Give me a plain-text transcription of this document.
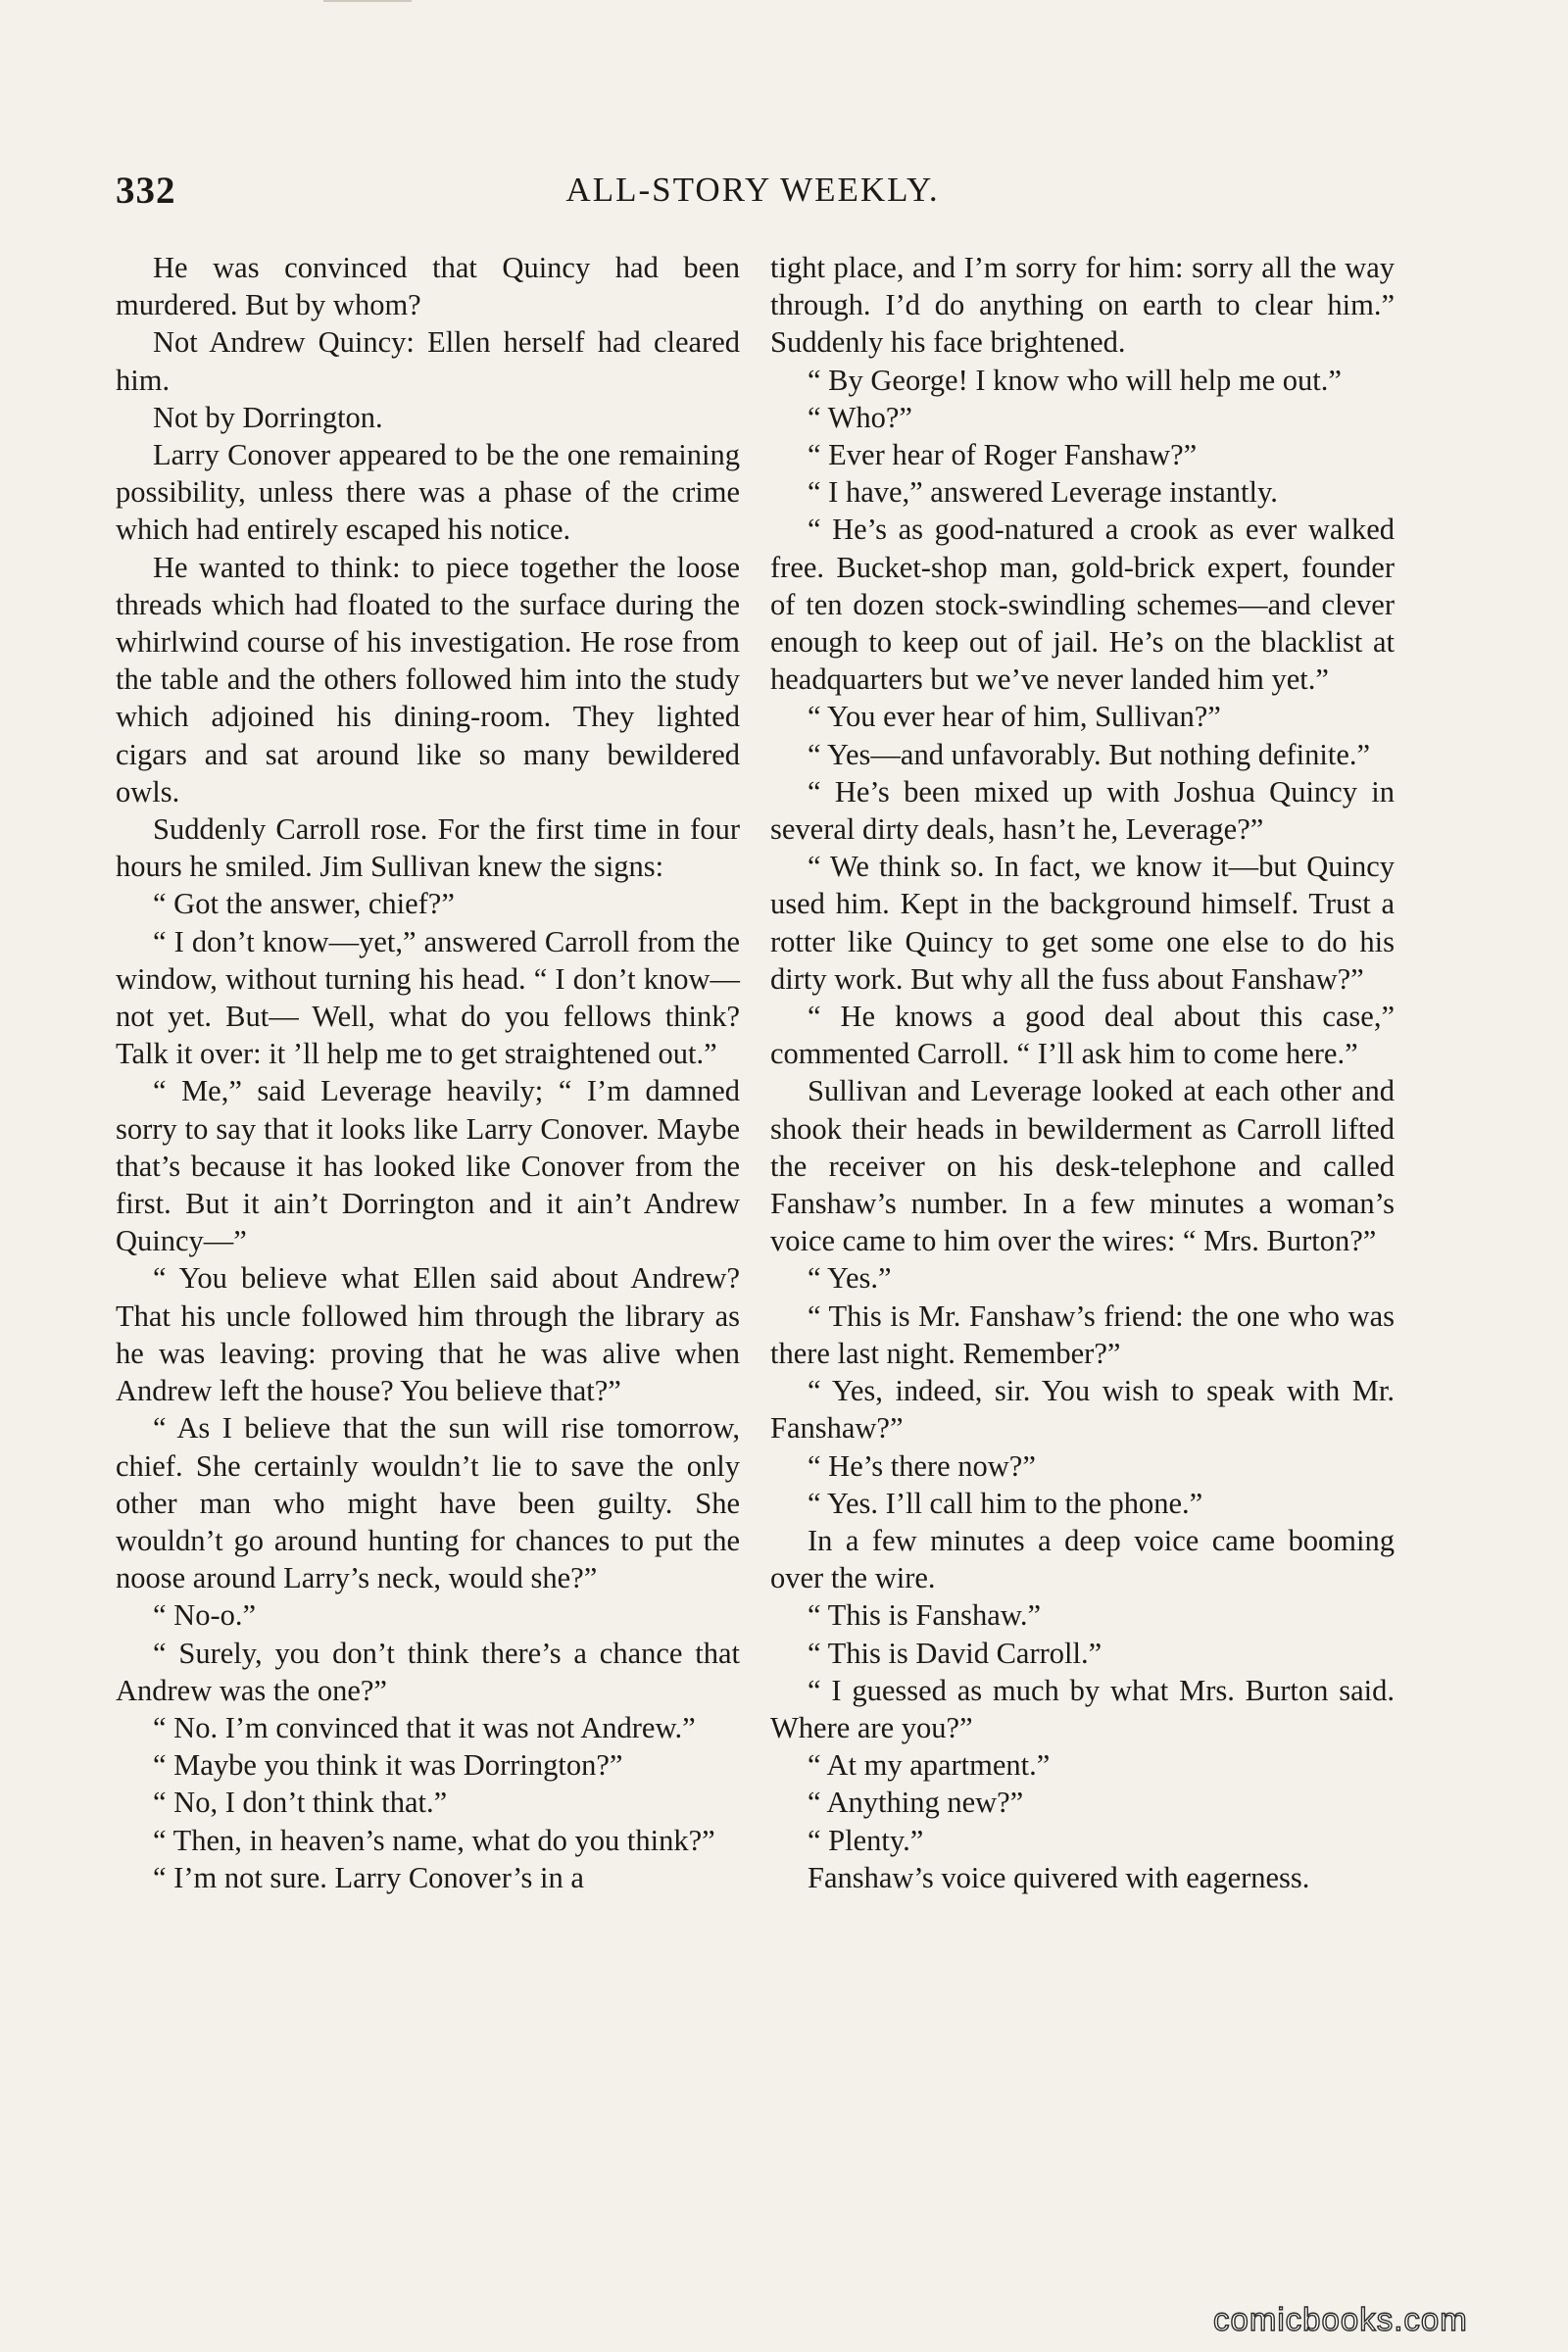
332	ALL-STORY WEEKLY.

He was convinced that Quincy had been murdered. But by whom?

Not Andrew Quincy: Ellen herself had cleared him.

Not by Dorrington.

Larry Conover appeared to be the one remaining possibility, unless there was a phase of the crime which had entirely escaped his notice.

He wanted to think: to piece together the loose threads which had floated to the surface during the whirlwind course of his investigation. He rose from the table and the others followed him into the study which adjoined his dining-room. They lighted cigars and sat around like so many bewildered owls.

Suddenly Carroll rose. For the first time in four hours he smiled. Jim Sullivan knew the signs:

“ Got the answer, chief?”

“ I don’t know—yet,” answered Carroll from the window, without turning his head. “ I don’t know—not yet. But— Well, what do you fellows think? Talk it over: it ’ll help me to get straightened out.”

“ Me,” said Leverage heavily; “ I’m damned sorry to say that it looks like Larry Conover. Maybe that’s because it has looked like Conover from the first. But it ain’t Dorrington and it ain’t Andrew Quincy—”

“ You believe what Ellen said about Andrew? That his uncle followed him through the library as he was leaving: proving that he was alive when Andrew left the house? You believe that?”

“ As I believe that the sun will rise tomorrow, chief. She certainly wouldn’t lie to save the only other man who might have been guilty. She wouldn’t go around hunting for chances to put the noose around Larry’s neck, would she?”

“ No-o.”

“ Surely, you don’t think there’s a chance that Andrew was the one?”

“ No. I’m convinced that it was not Andrew.”

“ Maybe you think it was Dorrington?”

“ No, I don’t think that.”

“ Then, in heaven’s name, what do you think?”

“ I’m not sure. Larry Conover’s in a

tight place, and I’m sorry for him: sorry all the way through. I’d do anything on earth to clear him.” Suddenly his face brightened.

“ By George! I know who will help me out.”

“ Who?”

“ Ever hear of Roger Fanshaw?”

“ I have,” answered Leverage instantly.

“ He’s as good-natured a crook as ever walked free. Bucket-shop man, gold-brick expert, founder of ten dozen stock-swindling schemes—and clever enough to keep out of jail. He’s on the blacklist at headquarters but we’ve never landed him yet.”

“ You ever hear of him, Sullivan?”

“ Yes—and unfavorably. But nothing definite.”

“ He’s been mixed up with Joshua Quincy in several dirty deals, hasn’t he, Leverage?”

“ We think so. In fact, we know it—but Quincy used him. Kept in the background himself. Trust a rotter like Quincy to get some one else to do his dirty work. But why all the fuss about Fanshaw?”

“ He knows a good deal about this case,” commented Carroll. “ I’ll ask him to come here.”

Sullivan and Leverage looked at each other and shook their heads in bewilderment as Carroll lifted the receiver on his desk-telephone and called Fanshaw’s number. In a few minutes a woman’s voice came to him over the wires: “ Mrs. Burton?”

“ Yes.”

“ This is Mr. Fanshaw’s friend: the one who was there last night. Remember?”

“ Yes, indeed, sir. You wish to speak with Mr. Fanshaw?”

“ He’s there now?”

“ Yes. I’ll call him to the phone.”

In a few minutes a deep voice came booming over the wire.

“ This is Fanshaw.”

“ This is David Carroll.”

“ I guessed as much by what Mrs. Burton said. Where are you?”

“ At my apartment.”

“ Anything new?”

“ Plenty.”

Fanshaw’s voice quivered with eagerness.

comicbooks.com
